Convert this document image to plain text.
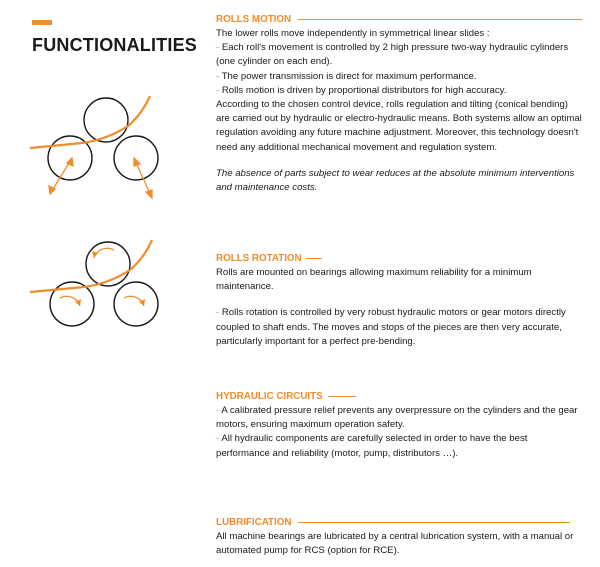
FUNCTIONALITIES
ROLLS MOTION

The lower rolls move independently in symmetrical linear slides :

- Each roll's movement is controlled by 2 high pressure two-way hydraulic cylinders (one cylinder on each end).

- The power transmission is direct for maximum performance.

- Rolls motion is driven by proportional distributors for high accuracy.

According to the chosen control device, rolls regulation and tilting (conical bending) are carried out by hydraulic or electro-hydraulic means. Both systems allow an optimal regulation avoiding any future machine adjustment. Moreover, this technology doesn't need any additional mechanical movement and regulation system.

The absence of parts subject to wear reduces at the absolute minimum interventions and maintenance costs.

ROLLS ROTATION

Rolls are mounted on bearings allowing maximum reliability for a minimum maintenance.

- Rolls rotation is controlled by very robust hydraulic motors or gear motors directly coupled to shaft ends. The moves and stops of the pieces are then very accurate, particularly important for a perfect pre-bending.

HYDRAULIC CIRCUITS

- A calibrated pressure relief prevents any overpressure on the cylinders and the gear motors, ensuring maximum operation safety.

- All hydraulic components are carefully selected in order to have the best performance and reliability (motor, pump, distributors …).

LUBRIFICATION

All machine bearings are lubricated by a central lubrication system, with a manual or automated pump for RCS (option for RCE).
